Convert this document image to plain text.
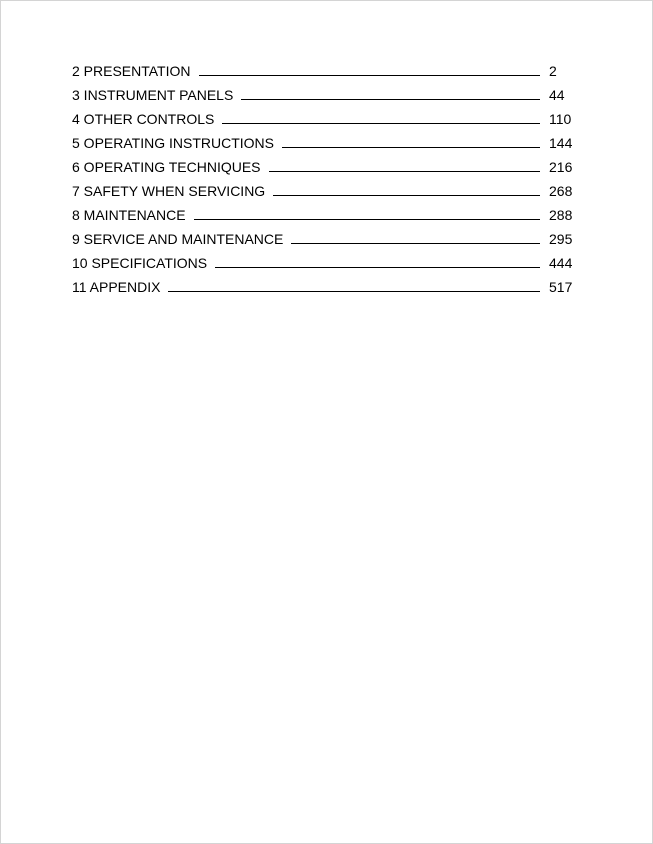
2 PRESENTATION	2
3 INSTRUMENT PANELS	44
4 OTHER CONTROLS	110
5 OPERATING INSTRUCTIONS	144
6 OPERATING TECHNIQUES	216
7 SAFETY WHEN SERVICING	268
8 MAINTENANCE	288
9 SERVICE AND MAINTENANCE	295
10 SPECIFICATIONS	444
11 APPENDIX	517
